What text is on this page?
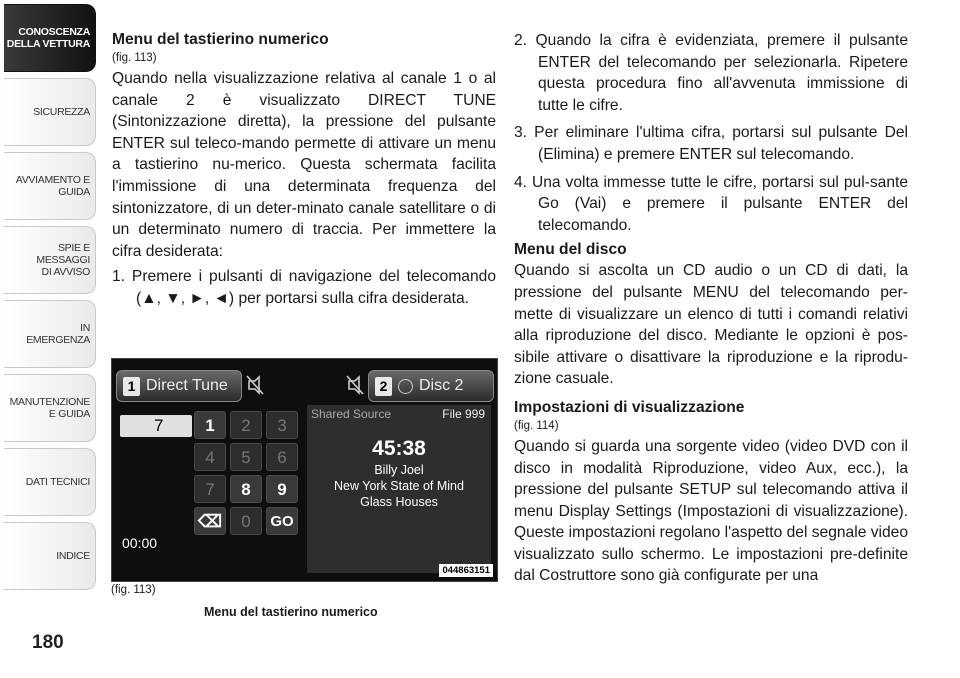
CONOSCENZA
DELLA VETTURA
SICUREZZA
AVVIAMENTO E
GUIDA
SPIE E
MESSAGGI
DI AVVISO
IN
EMERGENZA
MANUTENZIONE
E GUIDA
DATI TECNICI
INDICE
180
Menu del tastierino numerico
(fig. 113)

Quando nella visualizzazione relativa al canale 1 o al canale 2 è visualizzato DIRECT TUNE (Sintonizzazione diretta), la pressione del pulsante ENTER sul teleco-mando permette di attivare un menu a tastierino nu-merico. Questa schermata facilita l'immissione di una determinata frequenza del sintonizzatore, di un deter-minato canale satellitare o di un determinato numero di traccia. Per immettere la cifra desiderata:

1. Premere i pulsanti di navigazione del telecomando (▲, ▼, ►, ◄) per portarsi sulla cifra desiderata.
1 Direct Tune	2 Disc 2
7	1	2	3
4	5	6
7	8	9
⌫	0	GO
Shared Source	File 999
45:38
Billy Joel
New York State of Mind
Glass Houses
00:00
044863151
(fig. 113)
Menu del tastierino numerico
2. Quando la cifra è evidenziata, premere il pulsante ENTER del telecomando per selezionarla. Ripetere questa procedura fino all'avvenuta immissione di tutte le cifre.
3. Per eliminare l'ultima cifra, portarsi sul pulsante Del (Elimina) e premere ENTER sul telecomando.
4. Una volta immesse tutte le cifre, portarsi sul pul-sante Go (Vai) e premere il pulsante ENTER del telecomando.
Menu del disco

Quando si ascolta un CD audio o un CD di dati, la pressione del pulsante MENU del telecomando per-mette di visualizzare un elenco di tutti i comandi relativi alla riproduzione del disco. Mediante le opzioni è pos-sibile attivare o disattivare la riproduzione e la riprodu-zione casuale.

Impostazioni di visualizzazione
(fig. 114)

Quando si guarda una sorgente video (video DVD con il disco in modalità Riproduzione, video Aux, ecc.), la pressione del pulsante SETUP sul telecomando attiva il menu Display Settings (Impostazioni di visualizzazione). Queste impostazioni regolano l'aspetto del segnale video visualizzato sullo schermo. Le impostazioni pre-definite dal Costruttore sono già configurate per una
